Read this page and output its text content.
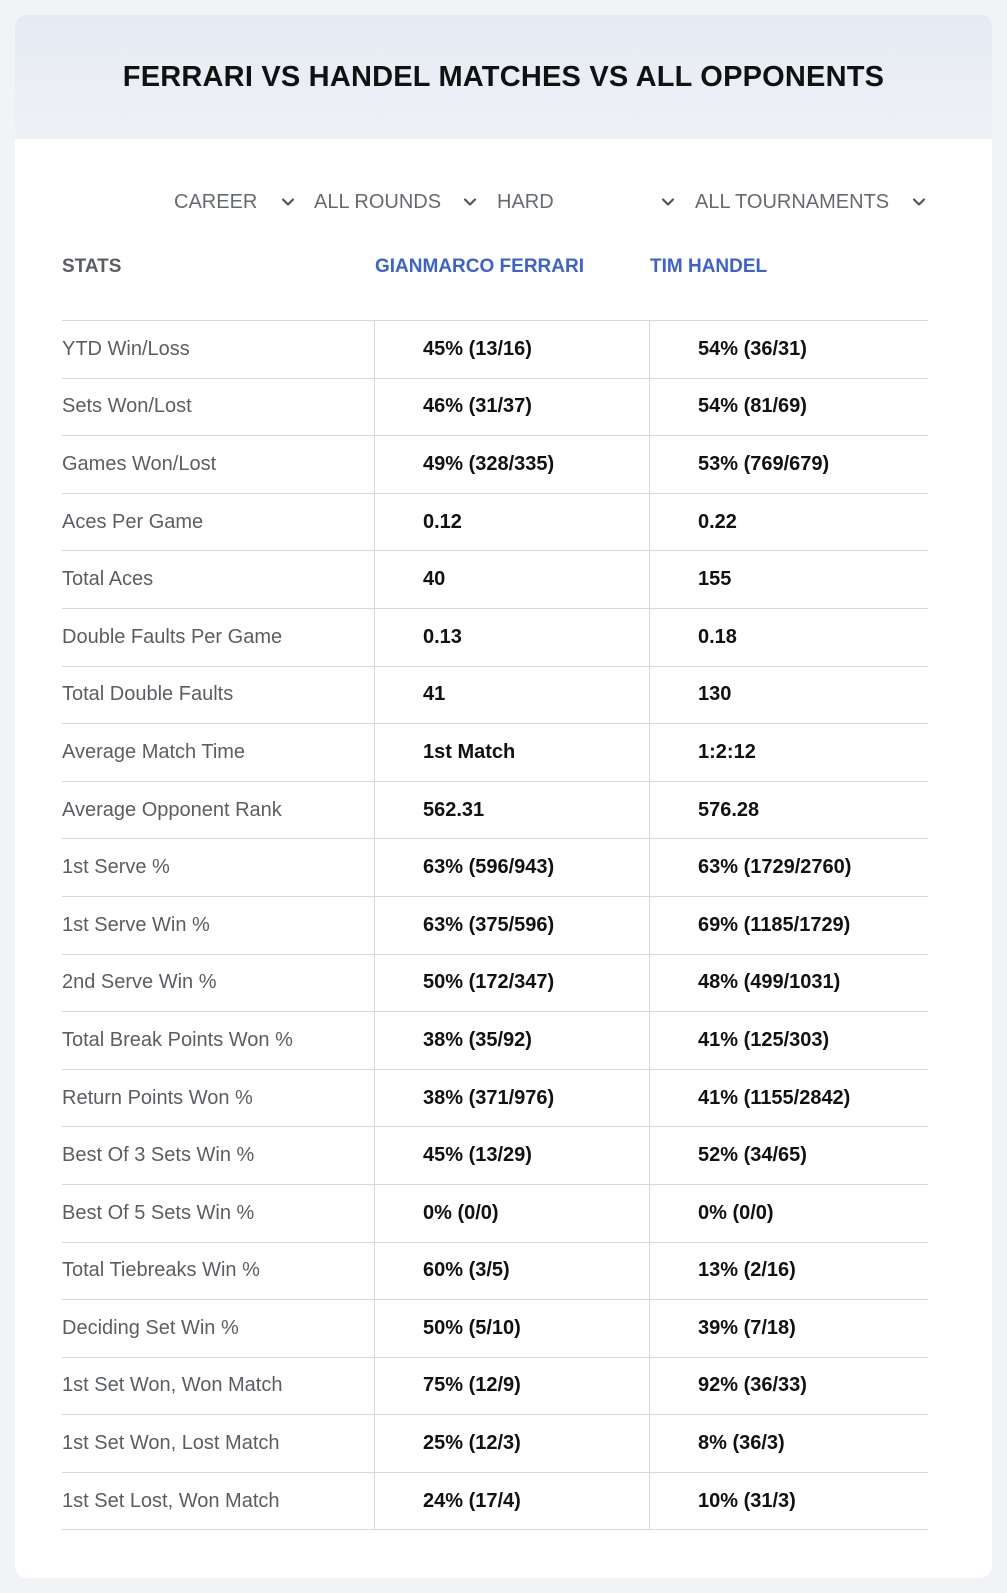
FERRARI VS HANDEL MATCHES VS ALL OPPONENTS
CAREER	ALL ROUNDS	HARD	ALL TOURNAMENTS
STATS	GIANMARCO FERRARI	TIM HANDEL
YTD Win/Loss	45% (13/16)	54% (36/31)
Sets Won/Lost	46% (31/37)	54% (81/69)
Games Won/Lost	49% (328/335)	53% (769/679)
Aces Per Game	0.12	0.22
Total Aces	40	155
Double Faults Per Game	0.13	0.18
Total Double Faults	41	130
Average Match Time	1st Match	1:2:12
Average Opponent Rank	562.31	576.28
1st Serve %	63% (596/943)	63% (1729/2760)
1st Serve Win %	63% (375/596)	69% (1185/1729)
2nd Serve Win %	50% (172/347)	48% (499/1031)
Total Break Points Won %	38% (35/92)	41% (125/303)
Return Points Won %	38% (371/976)	41% (1155/2842)
Best Of 3 Sets Win %	45% (13/29)	52% (34/65)
Best Of 5 Sets Win %	0% (0/0)	0% (0/0)
Total Tiebreaks Win %	60% (3/5)	13% (2/16)
Deciding Set Win %	50% (5/10)	39% (7/18)
1st Set Won, Won Match	75% (12/9)	92% (36/33)
1st Set Won, Lost Match	25% (12/3)	8% (36/3)
1st Set Lost, Won Match	24% (17/4)	10% (31/3)
